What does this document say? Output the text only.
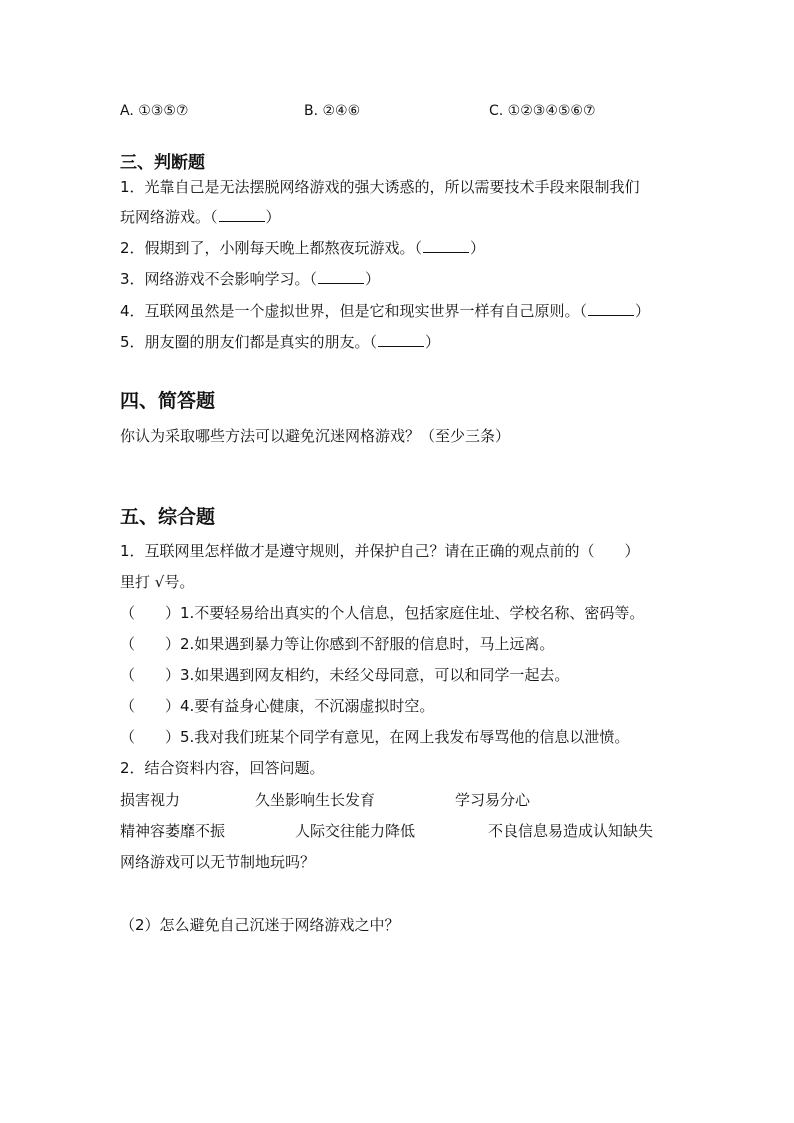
A. ①③⑤⑦	B. ②④⑥	C. ①②③④⑤⑥⑦
三、判断题
1．光靠自己是无法摆脱网络游戏的强大诱惑的，所以需要技术手段来限制我们
玩网络游戏。（	）
2．假期到了，小刚每天晚上都熬夜玩游戏。（	）
3．网络游戏不会影响学习。（	）
4．互联网虽然是一个虚拟世界，但是它和现实世界一样有自己原则。（	）
5．朋友圈的朋友们都是真实的朋友。（	）
四、简答题
你认为采取哪些方法可以避免沉迷网格游戏？（至少三条）
五、综合题
1．互联网里怎样做才是遵守规则，并保护自己？请在正确的观点前的（　　）
里打 √号。
（　　）1.不要轻易给出真实的个人信息，包括家庭住址、学校名称、密码等。
（　　）2.如果遇到暴力等让你感到不舒服的信息时，马上远离。
（　　）3.如果遇到网友相约，未经父母同意，可以和同学一起去。
（　　）4.要有益身心健康，不沉溺虚拟时空。
（　　）5.我对我们班某个同学有意见，在网上我发布辱骂他的信息以泄愤。
2．结合资料内容，回答问题。
损害视力	久坐影响生长发育	学习易分心
精神容萎靡不振	人际交往能力降低	不良信息易造成认知缺失
网络游戏可以无节制地玩吗？
（2）怎么避免自己沉迷于网络游戏之中？
